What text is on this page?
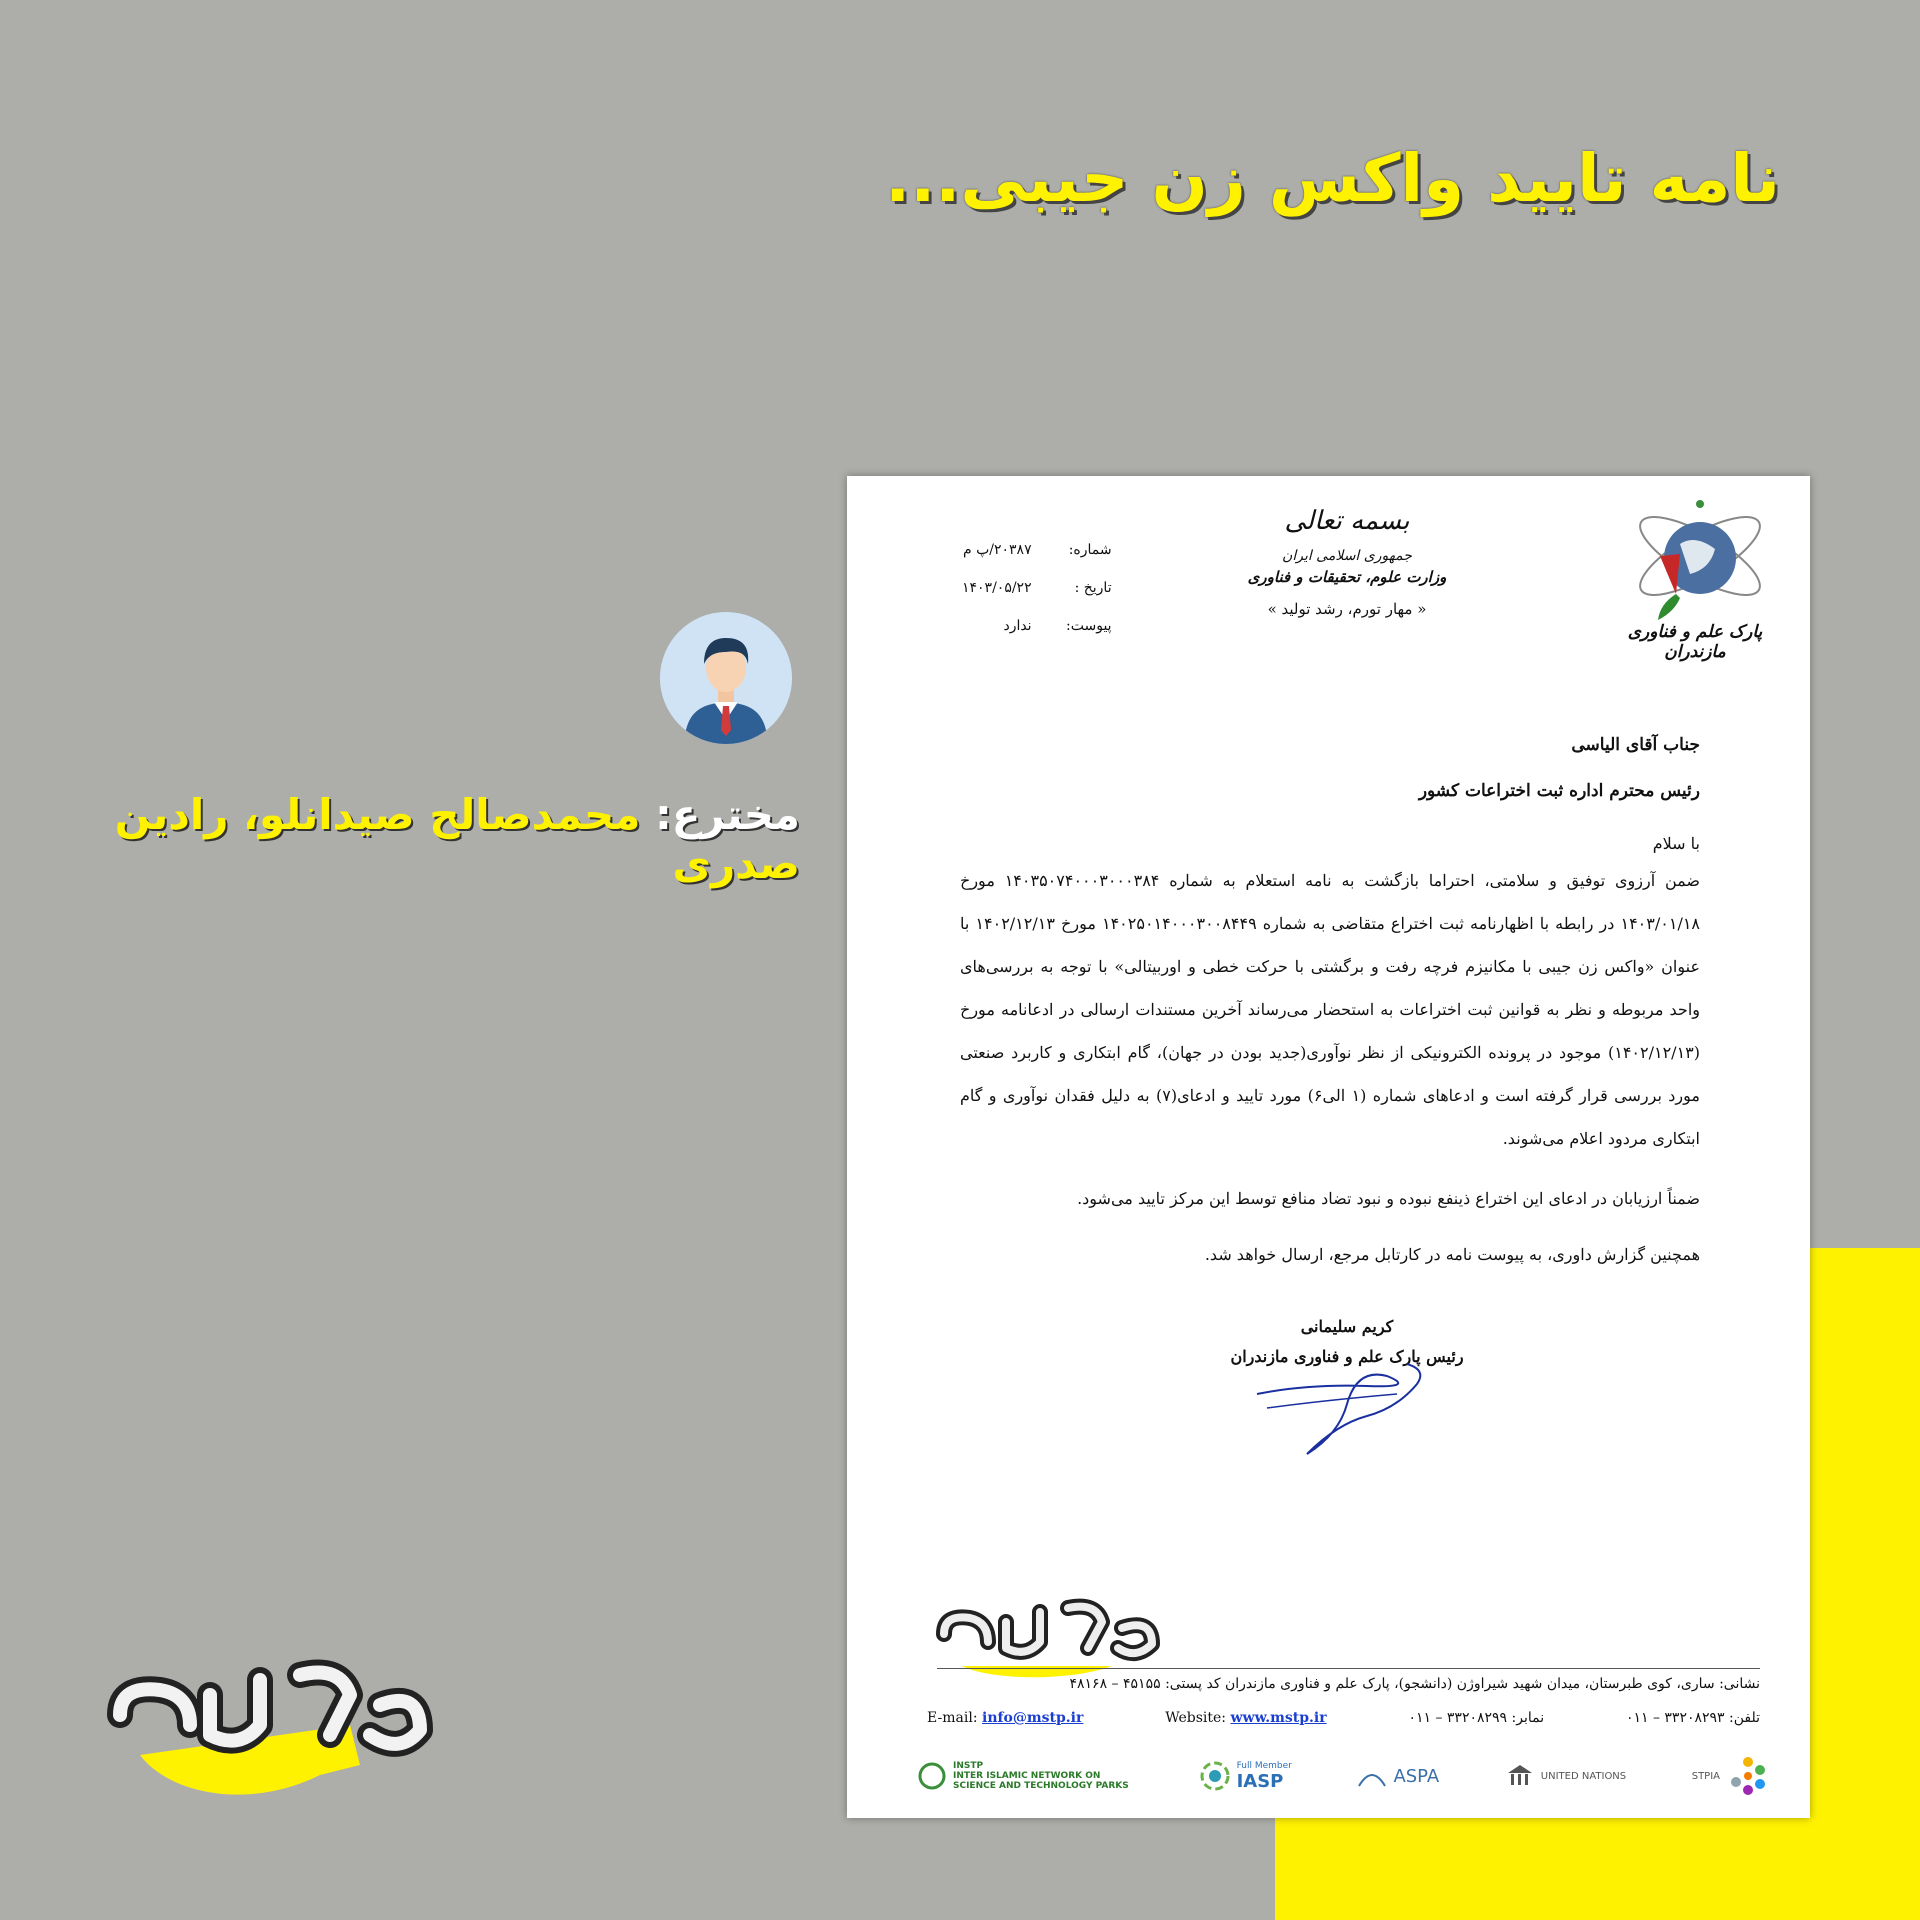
نامه تایید واکس زن جیبی...
مخترع: محمدصالح صیدانلو، رادین صدری
شماره:
۲۰۳۸۷/پ م
تاریخ :
۱۴۰۳/۰۵/۲۲
پیوست:
ندارد
بسمه تعالی
جمهوری اسلامی ایران
وزارت علوم، تحقیقات و فناوری
« مهار تورم، رشد تولید »
پارک علم و فناوری مازندران
جناب آقای الیاسی
رئیس محترم اداره ثبت اختراعات کشور
با سلام
ضمن آرزوی توفیق و سلامتی، احتراما بازگشت به نامه استعلام به شماره ۱۴۰۳۵۰۷۴۰۰۰۳۰۰۰۳۸۴ مورخ ۱۴۰۳/۰۱/۱۸ در رابطه با اظهارنامه ثبت اختراع متقاضی به شماره ۱۴۰۲۵۰۱۴۰۰۰۳۰۰۸۴۴۹ مورخ ۱۴۰۲/۱۲/۱۳ با عنوان «واکس زن جیبی با مکانیزم فرچه رفت و برگشتی با حرکت خطی و اوربیتالی» با توجه به بررسی‌های واحد مربوطه و نظر به قوانین ثبت اختراعات به استحضار می‌رساند آخرین مستندات ارسالی در ادعانامه مورخ (۱۴۰۲/۱۲/۱۳) موجود در پرونده الکترونیکی از نظر نوآوری(جدید بودن در جهان)، گام ابتکاری و کاربرد صنعتی مورد بررسی قرار گرفته است و ادعاهای شماره (۱ الی۶) مورد تایید و ادعای(۷) به دلیل فقدان نوآوری و گام ابتکاری مردود اعلام می‌شوند.
ضمناً ارزیابان در ادعای این اختراع ذینفع نبوده و نبود تضاد منافع توسط این مرکز تایید می‌شود.
همچنین گزارش داوری، به پیوست نامه در کارتابل مرجع، ارسال خواهد شد.
کریم سلیمانی
رئیس پارک علم و فناوری مازندران
نشانی: ساری، کوی طبرستان، میدان شهید شیراوژن (دانشجو)، پارک علم و فناوری مازندران کد پستی: ۴۵۱۵۵ – ۴۸۱۶۸
تلفن: ۳۳۲۰۸۲۹۳ – ۰۱۱
نمابر: ۳۳۲۰۸۲۹۹ – ۰۱۱
Website: www.mstp.ir
E-mail: info@mstp.ir
INSTP
INTER ISLAMIC NETWORK ON SCIENCE AND TECHNOLOGY PARKS
Full Member
IASP	ASPA	UNITED NATIONS	STPIA
